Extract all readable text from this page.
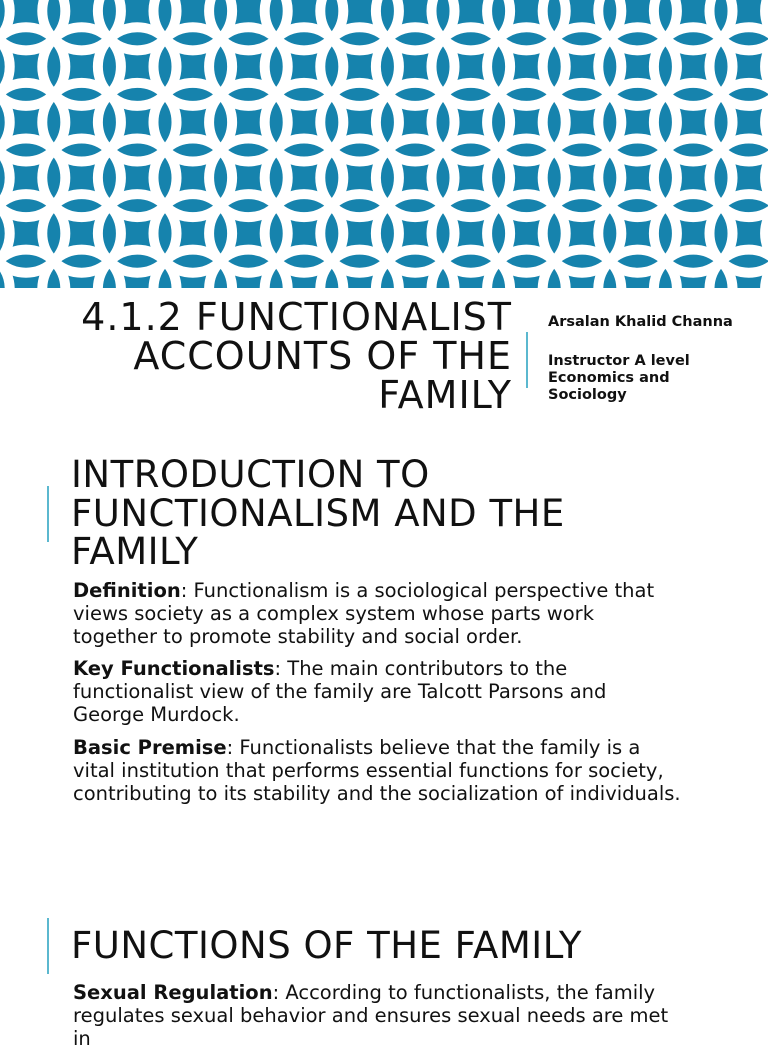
4.1.2 FUNCTIONALIST
ACCOUNTS OF THE
FAMILY
Arsalan Khalid Channa
Instructor A level Economics and Sociology
INTRODUCTION TO
FUNCTIONALISM AND THE
FAMILY
Definition: Functionalism is a sociological perspective that views society as a complex system whose parts work together to promote stability and social order.
Key Functionalists: The main contributors to the functionalist view of the family are Talcott Parsons and George Murdock.
Basic Premise: Functionalists believe that the family is a vital institution that performs essential functions for society, contributing to its stability and the socialization of individuals.
FUNCTIONS OF THE FAMILY
Sexual Regulation: According to functionalists, the family regulates sexual behavior and ensures sexual needs are met in
